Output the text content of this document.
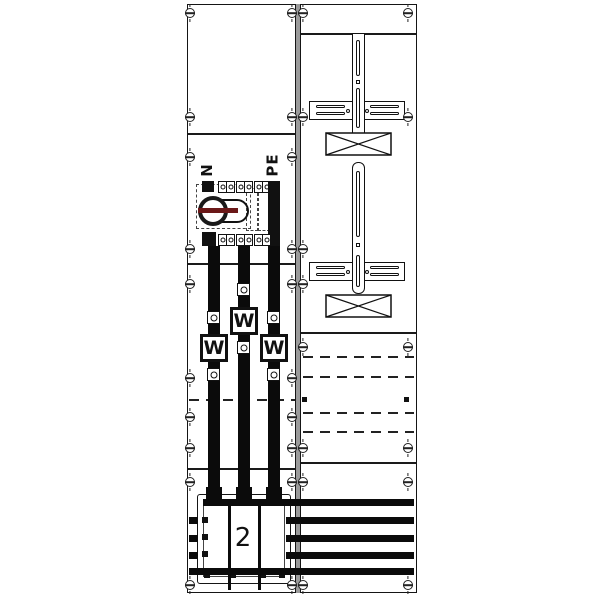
N	PE
W
W W
2
